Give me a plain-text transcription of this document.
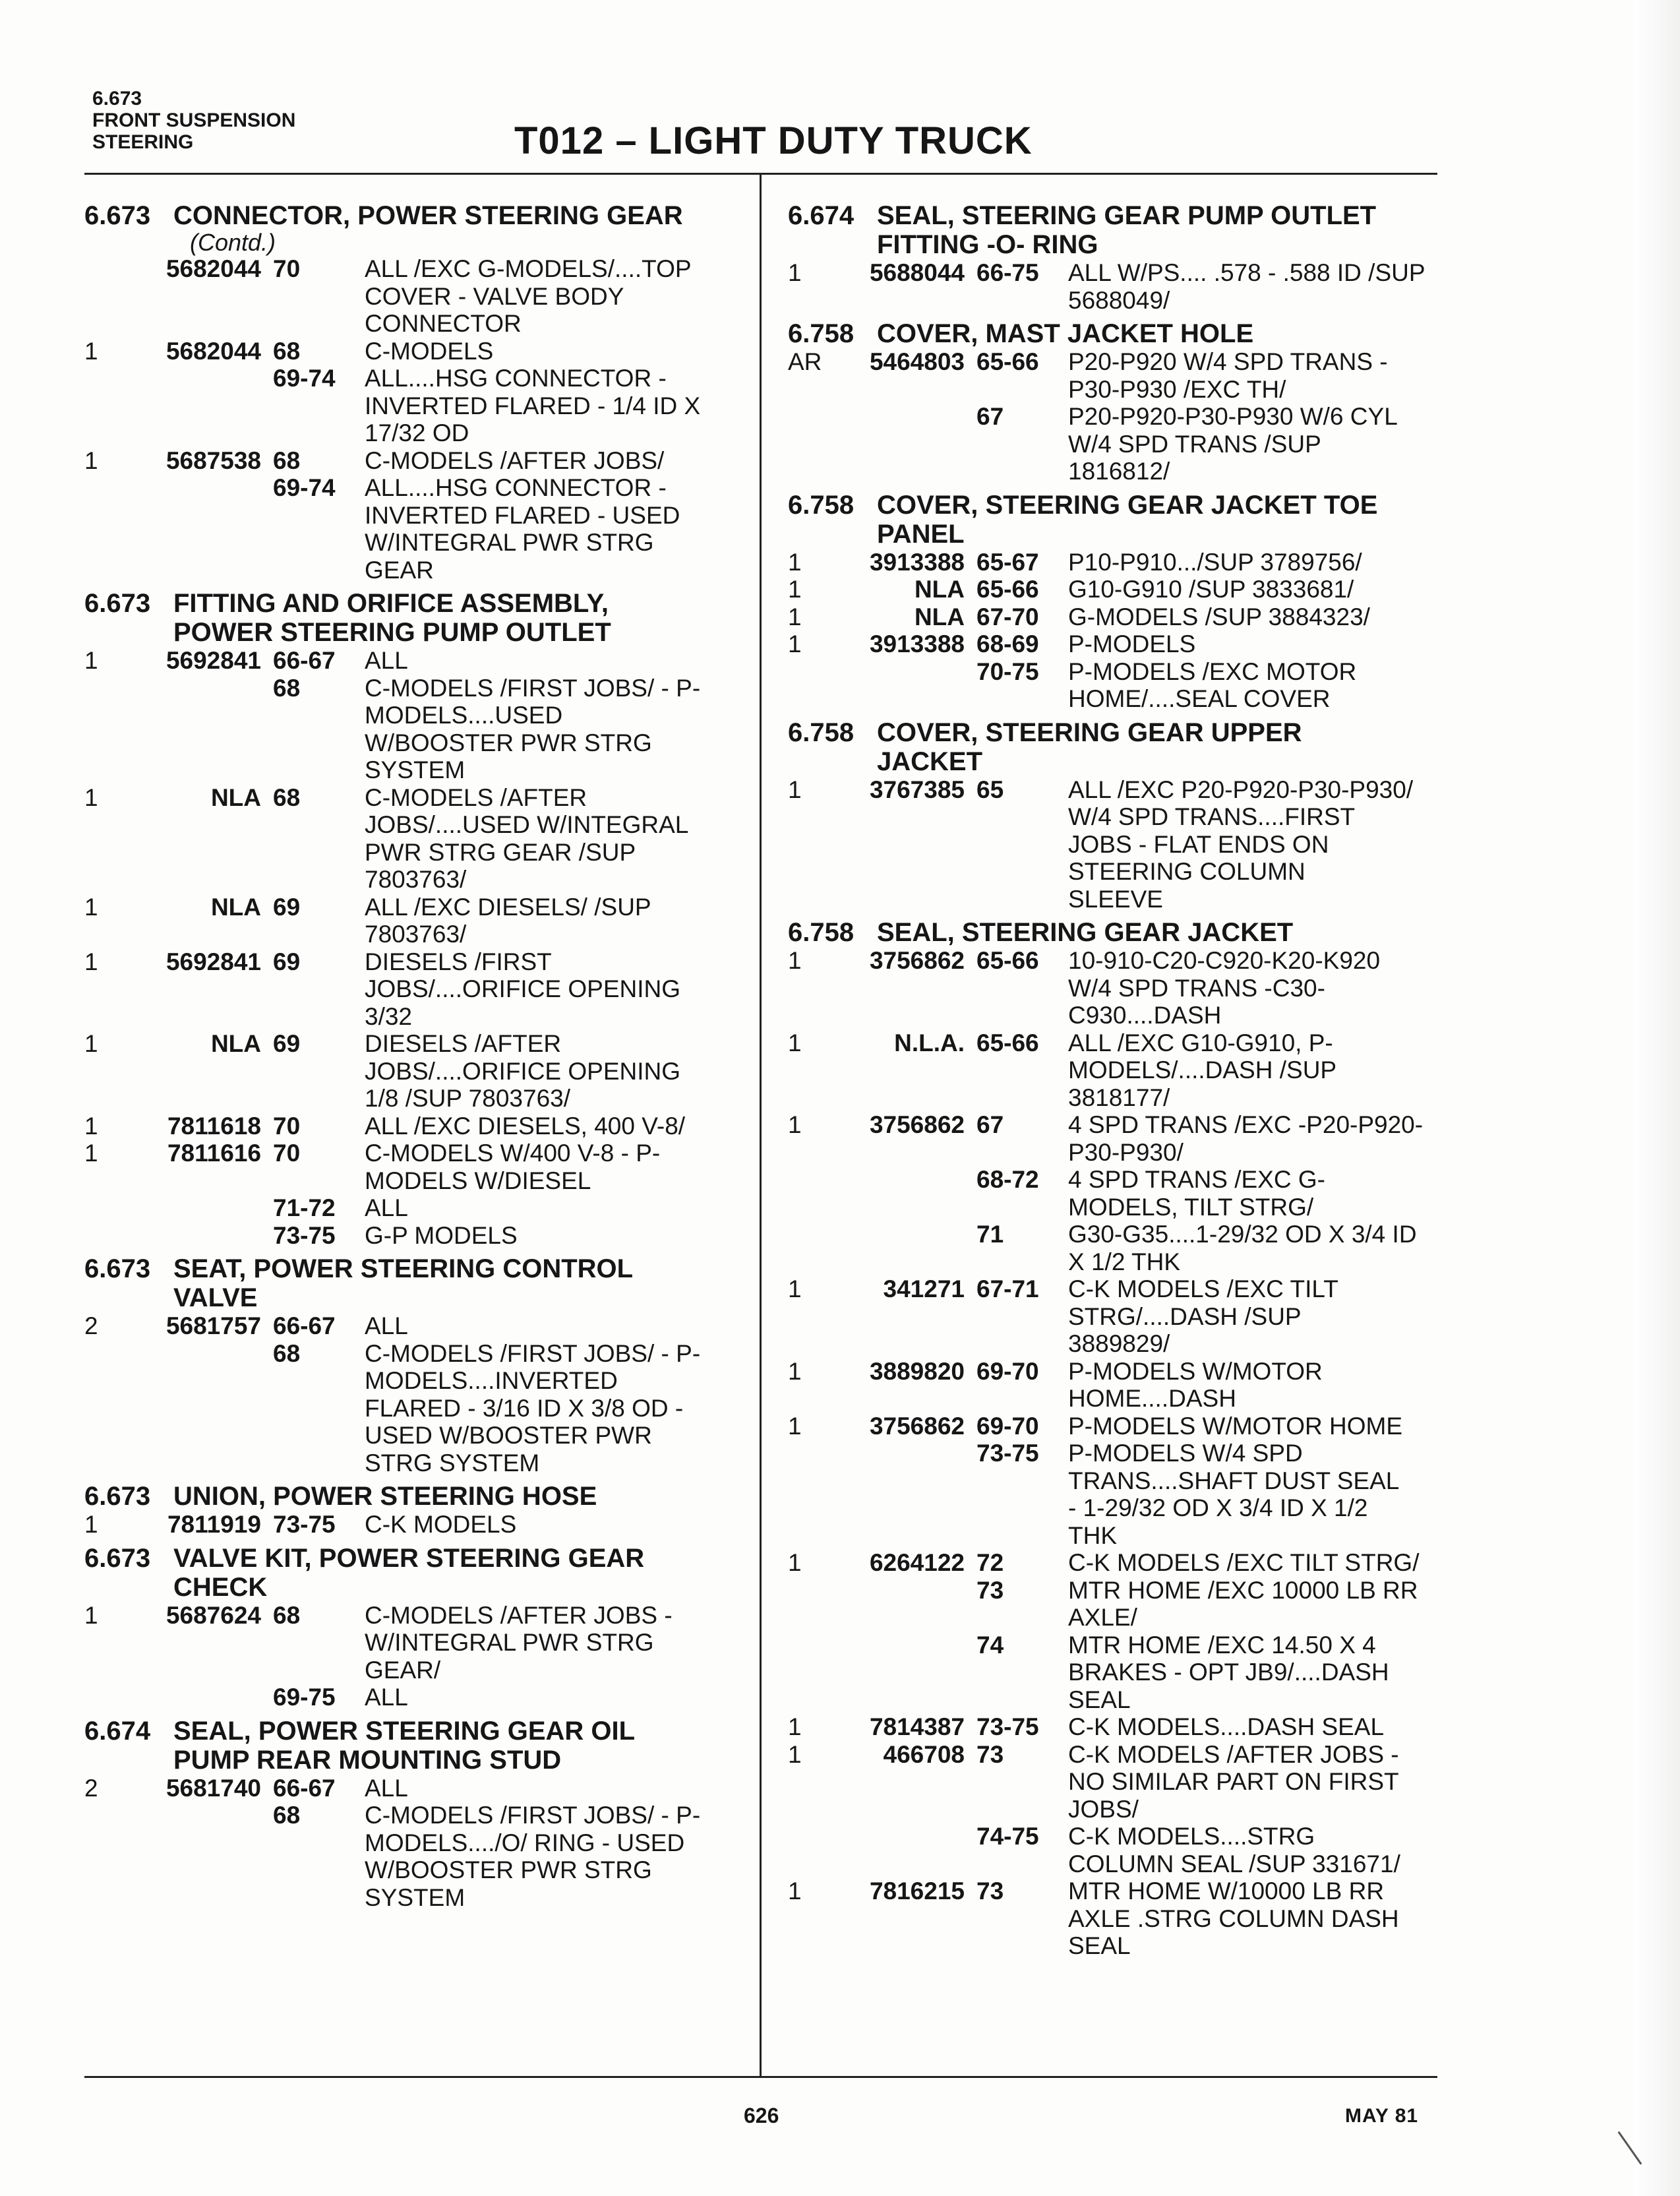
6.673
FRONT SUSPENSION
STEERING	T012 – LIGHT DUTY TRUCK
6.673 CONNECTOR, POWER STEERING GEAR
(Contd.)
5682044 70	ALL /EXC G-MODELS/....TOP
COVER - VALVE BODY
CONNECTOR
1	5682044 68	C-MODELS
69-74	ALL....HSG CONNECTOR -
INVERTED FLARED - 1/4 ID X
17/32 OD
1	5687538 68	C-MODELS /AFTER JOBS/
69-74	ALL....HSG CONNECTOR -
INVERTED FLARED - USED
W/INTEGRAL PWR STRG
GEAR
6.673 FITTING AND ORIFICE ASSEMBLY,
POWER STEERING PUMP OUTLET
1	5692841 66-67	ALL
68	C-MODELS /FIRST JOBS/ - P-
MODELS....USED
W/BOOSTER PWR STRG
SYSTEM
1	NLA 68	C-MODELS /AFTER
JOBS/....USED W/INTEGRAL
PWR STRG GEAR /SUP
7803763/
1	NLA 69	ALL /EXC DIESELS/ /SUP
7803763/
1	5692841 69	DIESELS /FIRST
JOBS/....ORIFICE OPENING
3/32
1	NLA 69	DIESELS /AFTER
JOBS/....ORIFICE OPENING
1/8 /SUP 7803763/
1	7811618 70	ALL /EXC DIESELS, 400 V-8/
1	7811616 70	C-MODELS W/400 V-8 - P-
MODELS W/DIESEL
71-72	ALL
73-75	G-P MODELS
6.673 SEAT, POWER STEERING CONTROL
VALVE
2	5681757 66-67	ALL
68	C-MODELS /FIRST JOBS/ - P-
MODELS....INVERTED
FLARED - 3/16 ID X 3/8 OD -
USED W/BOOSTER PWR
STRG SYSTEM
6.673 UNION, POWER STEERING HOSE
1	7811919 73-75	C-K MODELS
6.673 VALVE KIT, POWER STEERING GEAR
CHECK
1	5687624 68	C-MODELS /AFTER JOBS -
W/INTEGRAL PWR STRG
GEAR/
69-75	ALL
6.674 SEAL, POWER STEERING GEAR OIL
PUMP REAR MOUNTING STUD
2	5681740 66-67	ALL
68	C-MODELS /FIRST JOBS/ - P-
MODELS..../O/ RING - USED
W/BOOSTER PWR STRG
SYSTEM
6.674 SEAL, STEERING GEAR PUMP OUTLET
FITTING -O- RING
1	5688044 66-75	ALL W/PS.... .578 - .588 ID /SUP
5688049/
6.758 COVER, MAST JACKET HOLE
AR	5464803 65-66	P20-P920 W/4 SPD TRANS -
P30-P930 /EXC TH/
67	P20-P920-P30-P930 W/6 CYL
W/4 SPD TRANS /SUP
1816812/
6.758 COVER, STEERING GEAR JACKET TOE
PANEL
1	3913388 65-67	P10-P910.../SUP 3789756/
1	NLA 65-66	G10-G910 /SUP 3833681/
1	NLA 67-70	G-MODELS /SUP 3884323/
1	3913388 68-69	P-MODELS
70-75	P-MODELS /EXC MOTOR
HOME/....SEAL COVER
6.758 COVER, STEERING GEAR UPPER
JACKET
1	3767385 65	ALL /EXC P20-P920-P30-P930/
W/4 SPD TRANS....FIRST
JOBS - FLAT ENDS ON
STEERING COLUMN
SLEEVE
6.758 SEAL, STEERING GEAR JACKET
1	3756862 65-66	10-910-C20-C920-K20-K920
W/4 SPD TRANS -C30-
C930....DASH
1	N.L.A. 65-66	ALL /EXC G10-G910, P-
MODELS/....DASH /SUP
3818177/
1	3756862 67	4 SPD TRANS /EXC -P20-P920-
P30-P930/
68-72	4 SPD TRANS /EXC G-
MODELS, TILT STRG/
71	G30-G35....1-29/32 OD X 3/4 ID
X 1/2 THK
1	341271 67-71	C-K MODELS /EXC TILT
STRG/....DASH /SUP
3889829/
1	3889820 69-70	P-MODELS W/MOTOR
HOME....DASH
1	3756862 69-70	P-MODELS W/MOTOR HOME
73-75	P-MODELS W/4 SPD
TRANS....SHAFT DUST SEAL
- 1-29/32 OD X 3/4 ID X 1/2
THK
1	6264122 72	C-K MODELS /EXC TILT STRG/
73	MTR HOME /EXC 10000 LB RR
AXLE/
74	MTR HOME /EXC 14.50 X 4
BRAKES - OPT JB9/....DASH
SEAL
1	7814387 73-75	C-K MODELS....DASH SEAL
1	466708 73	C-K MODELS /AFTER JOBS -
NO SIMILAR PART ON FIRST
JOBS/
74-75	C-K MODELS....STRG
COLUMN SEAL /SUP 331671/
1	7816215 73	MTR HOME W/10000 LB RR
AXLE .STRG COLUMN DASH
SEAL
626	MAY 81
